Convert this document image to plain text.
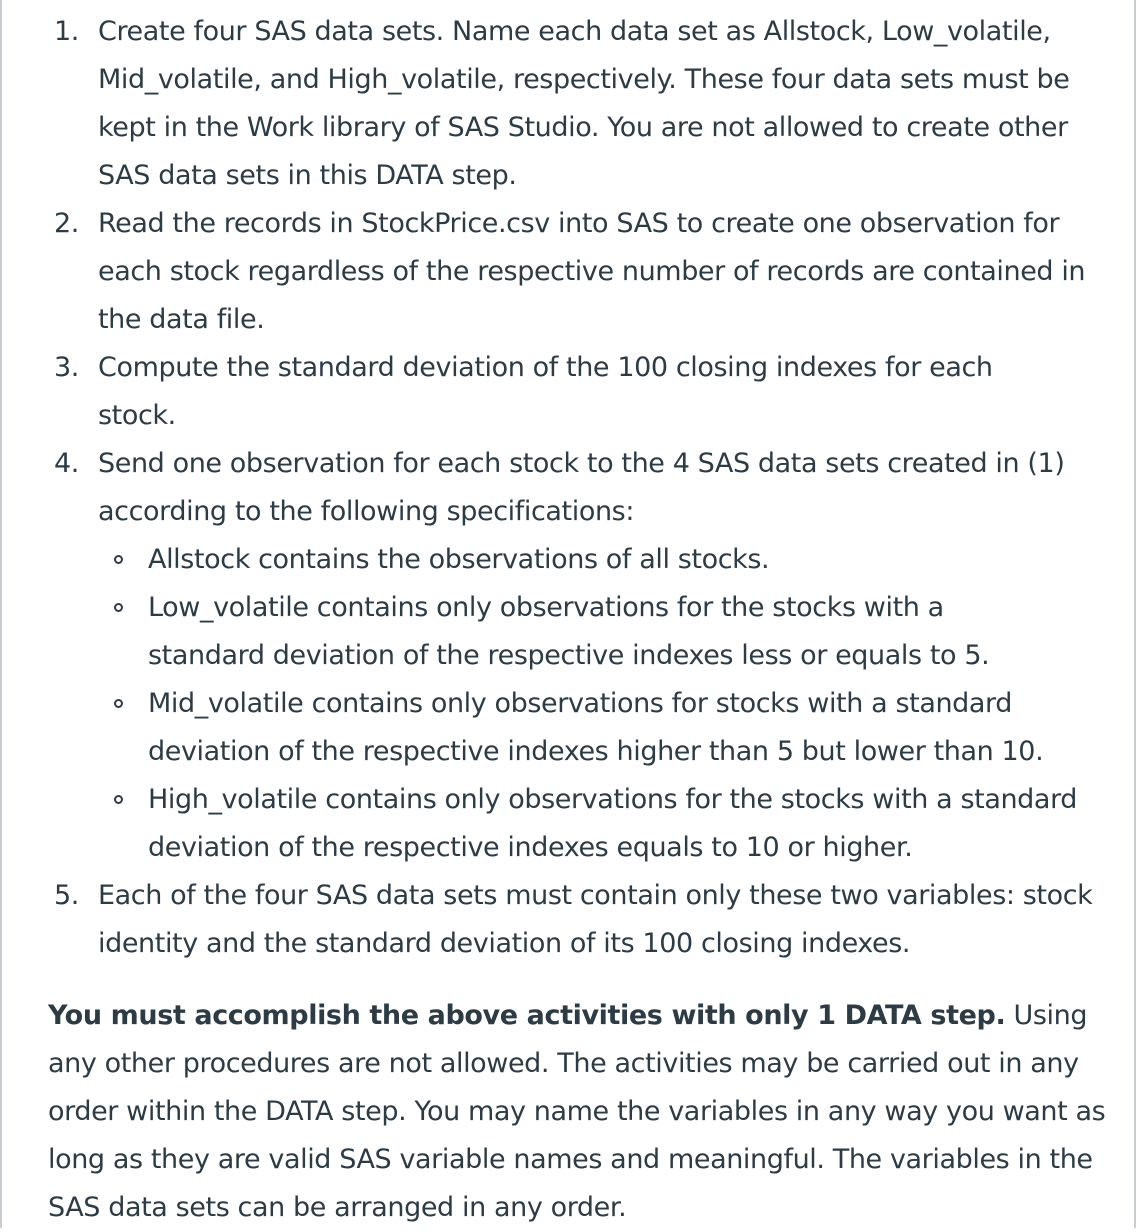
1. Create four SAS data sets. Name each data set as Allstock, Low_volatile, Mid_volatile, and High_volatile, respectively. These four data sets must be kept in the Work library of SAS Studio. You are not allowed to create other SAS data sets in this DATA step.
2. Read the records in StockPrice.csv into SAS to create one observation for each stock regardless of the respective number of records are contained in the data file.
3. Compute the standard deviation of the 100 closing indexes for each stock.
4. Send one observation for each stock to the 4 SAS data sets created in (1) according to the following specifications:
Allstock contains the observations of all stocks.
Low_volatile contains only observations for the stocks with a standard deviation of the respective indexes less or equals to 5.
Mid_volatile contains only observations for stocks with a standard deviation of the respective indexes higher than 5 but lower than 10.
High_volatile contains only observations for the stocks with a standard deviation of the respective indexes equals to 10 or higher.
5. Each of the four SAS data sets must contain only these two variables: stock identity and the standard deviation of its 100 closing indexes.

You must accomplish the above activities with only 1 DATA step. Using any other procedures are not allowed. The activities may be carried out in any order within the DATA step. You may name the variables in any way you want as long as they are valid SAS variable names and meaningful. The variables in the SAS data sets can be arranged in any order.
